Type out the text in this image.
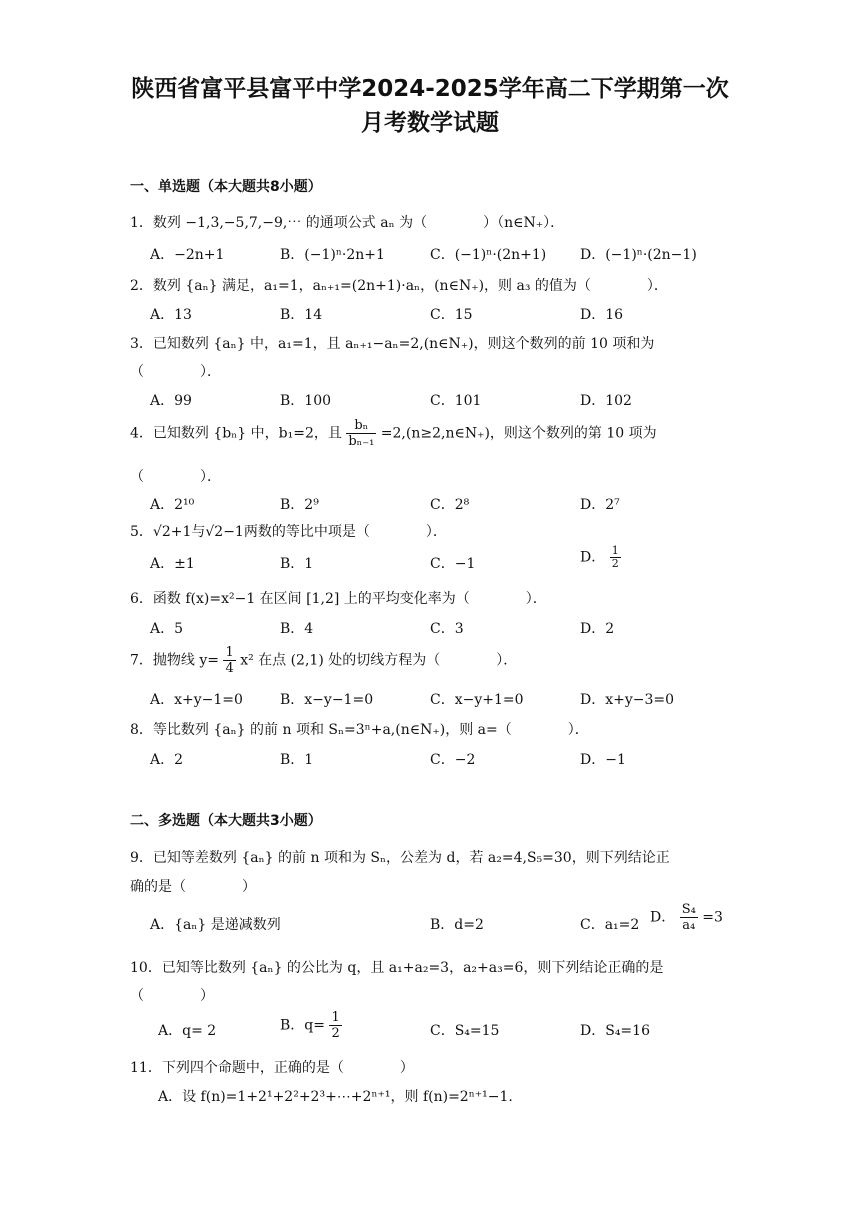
陕西省富平县富平中学2024-2025学年高二下学期第一次
月考数学试题
一、单选题（本大题共8小题）
1．数列 −1,3,−5,7,−9,⋯ 的通项公式 aₙ 为（　　　　）（n∈N₊）．
A．−2n+1	B．(−1)ⁿ·2n+1	C．(−1)ⁿ·(2n+1) D．(−1)ⁿ·(2n−1)
2．数列 {aₙ} 满足，a₁=1，aₙ₊₁=(2n+1)·aₙ，(n∈N₊)，则 a₃ 的值为（　　　　）．
A．13	B．14	C．15	D．16
3．已知数列 {aₙ} 中，a₁=1，且 aₙ₊₁−aₙ=2,(n∈N₊)，则这个数列的前 10 项和为
（　　　　）．
A．99	B．100	C．101	D．102
4．已知数列 {bₙ} 中，b₁=2，且 $\frac{\text{bₙ}}{\text{bₙ₋₁}}$ =2,(n≥2,n∈N₊)，则这个数列的第 10 项为
（　　　　）．
A．2¹⁰	B．2⁹	C．2⁸	D．2⁷
5．√2+1与√2−1两数的等比中项是（　　　　）．
A．±1	B．1	C．−1	D． $\frac{1}{2}$
6．函数 f(x)=x²−1 在区间 [1,2] 上的平均变化率为（　　　　）．
A．5	B．4	C．3	D．2
7．抛物线 $y= \frac{1}{4} x^2$ 在点 (2,1) 处的切线方程为（　　　　）．
A．x+y−1=0	B．x−y−1=0	C．x−y+1=0	D．x+y−3=0
8．等比数列 {aₙ} 的前 n 项和 Sₙ=3ⁿ+a,(n∈N₊)，则 a=（　　　　）．
A．2	B．1	C．−2	D．−1
二、多选题（本大题共3小题）
9．已知等差数列 {aₙ} 的前 n 项和为 Sₙ，公差为 d，若 a₂=4,S₅=30，则下列结论正
确的是（　　　　）
A．{aₙ} 是递减数列	B．d=2	C．a₁=2 D． $\frac{\text{S₄}}{\text{a₄}} =3$
10．已知等比数列 {aₙ} 的公比为 q，且 a₁+a₂=3，a₂+a₃=6，则下列结论正确的是
（　　　　）
A．q= 2	B．$q= \frac{1}{2}$	C．S₄=15	D．S₄=16
11．下列四个命题中，正确的是（　　　　）
A．设 f(n)=1+2¹+2²+2³+⋯+2ⁿ⁺¹，则 f(n)=2ⁿ⁺¹−1.
